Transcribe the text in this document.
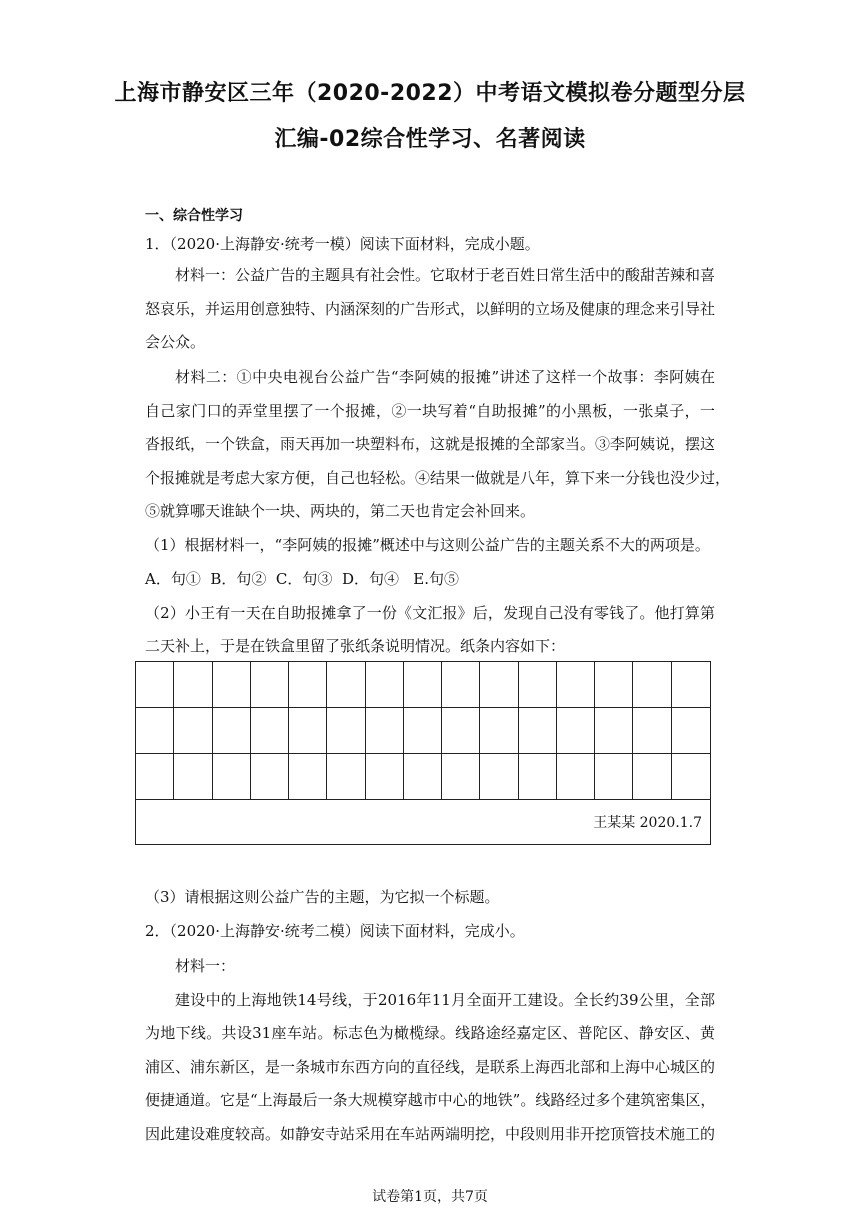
上海市静安区三年（2020-2022）中考语文模拟卷分题型分层
汇编-02综合性学习、名著阅读
一、综合性学习
1．（2020·上海静安·统考一模）阅读下面材料，完成小题。
材料一：公益广告的主题具有社会性。它取材于老百姓日常生活中的酸甜苦辣和喜
怒哀乐，并运用创意独特、内涵深刻的广告形式，以鲜明的立场及健康的理念来引导社
会公众。
材料二：①中央电视台公益广告“李阿姨的报摊”讲述了这样一个故事：李阿姨在
自己家门口的弄堂里摆了一个报摊，②一块写着“自助报摊”的小黑板，一张桌子，一
沓报纸，一个铁盒，雨天再加一块塑料布，这就是报摊的全部家当。③李阿姨说，摆这
个报摊就是考虑大家方便，自己也轻松。④结果一做就是八年，算下来一分钱也没少过，
⑤就算哪天谁缺个一块、两块的，第二天也肯定会补回来。
（1）根据材料一，“李阿姨的报摊”概述中与这则公益广告的主题关系不大的两项是。
A．句①  B．句②  C．句③  D．句④   E.句⑤
（2）小王有一天在自助报摊拿了一份《文汇报》后，发现自己没有零钱了。他打算第
二天补上，于是在铁盒里留了张纸条说明情况。纸条内容如下：
王某某 2020.1.7
（3）请根据这则公益广告的主题，为它拟一个标题。
2．（2020·上海静安·统考二模）阅读下面材料，完成小。
材料一：
建设中的上海地铁14号线，于2016年11月全面开工建设。全长约39公里，全部
为地下线。共设31座车站。标志色为橄榄绿。线路途经嘉定区、普陀区、静安区、黄
浦区、浦东新区，是一条城市东西方向的直径线，是联系上海西北部和上海中心城区的
便捷通道。它是“上海最后一条大规模穿越市中心的地铁”。线路经过多个建筑密集区，
因此建设难度较高。如静安寺站采用在车站两端明挖，中段则用非开挖顶管技术施工的
试卷第1页，共7页
